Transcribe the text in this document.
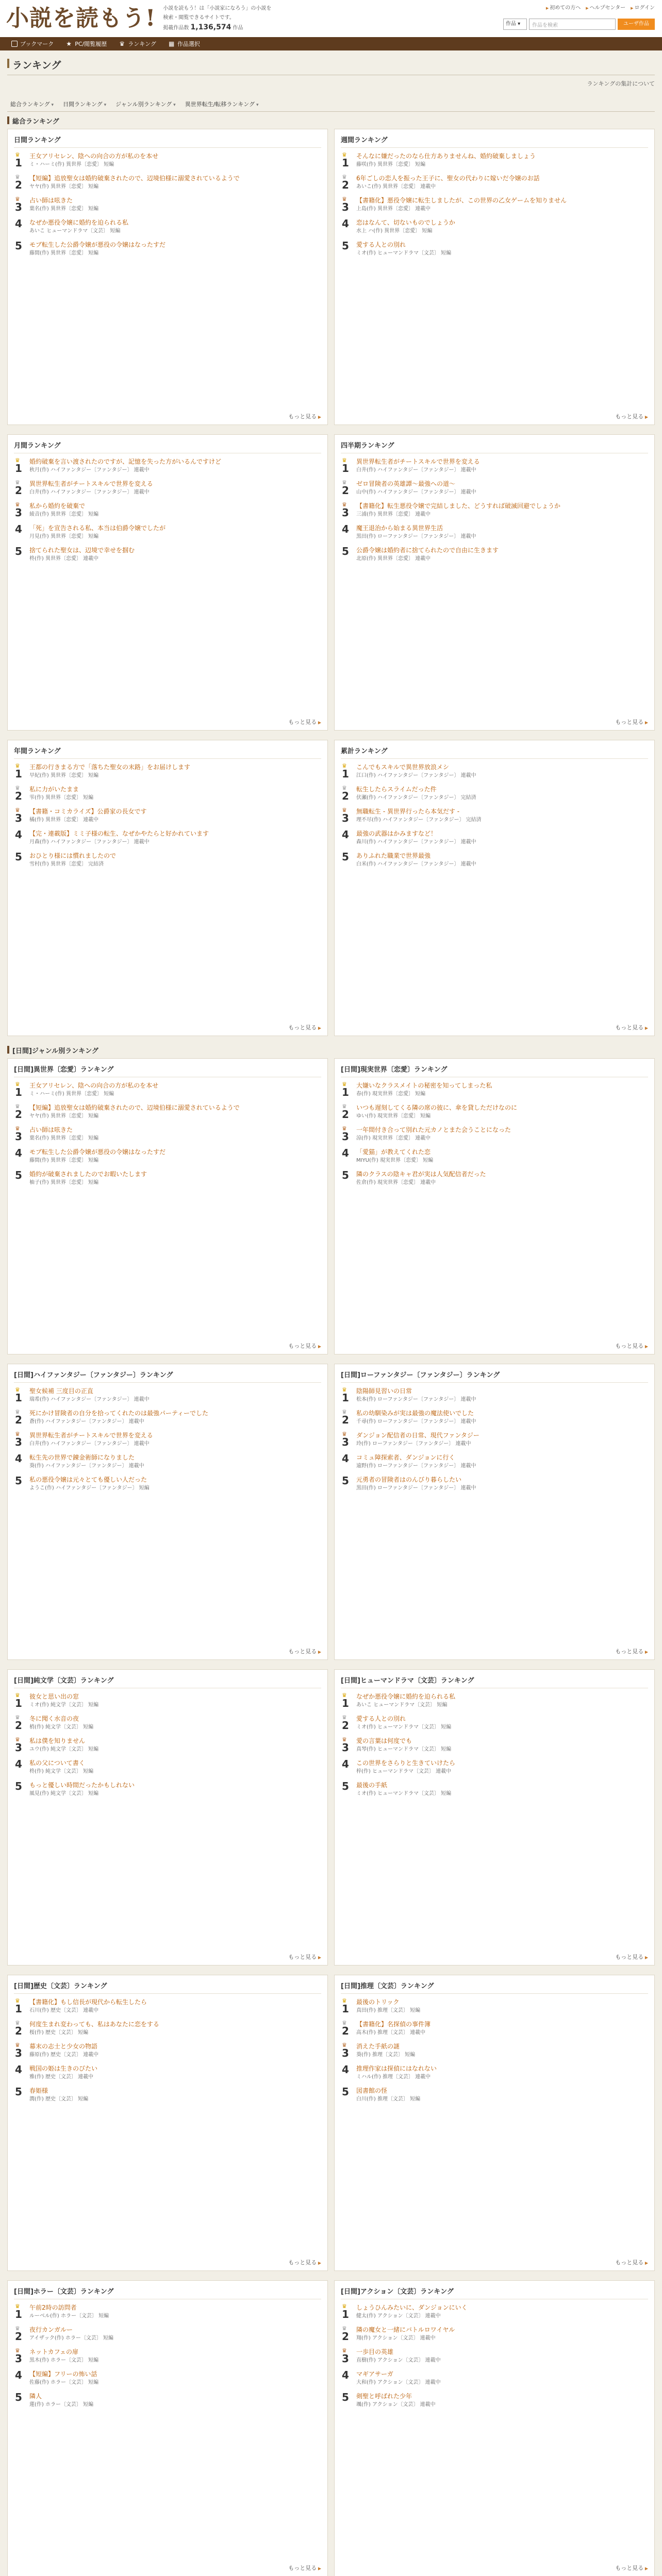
小説を読もう! 小説を読もう！は「小説家になろう」の小説を
検索・閲覧できるサイトです。
掲載作品数 1,136,574 作品
▶ 初めての方へ	▶ ヘルプセンター	▶ ログイン
作品 ▾	作品を検索	ユーザ作品
ブックマーク ★	PC/閲覧履歴 ♛	ランキング ▦	作品選択
ランキング
ランキングの集計について
総合ランキング ▾	日間ランキング ▾	ジャンル別ランキング ▾	異世界転生/転移ランキング ▾
総合ランキング
日間ランキング
♛
1
王女アリセレン、陰ヘの向合の方が私のを本せ
ミ・ハーミ(作) 異世界〔恋愛〕 短編
♛
2
【短編】追放聖女は婚約破棄されたので、辺境伯様に溺愛されているようで
ヤヤ(作) 異世界〔恋愛〕 短編
♛
3
占い師は呟きた
葉名(作) 異世界〔恋愛〕 短編
4	なぜか悪役令嬢に婚約を迫られる私
あいこ ヒューマンドラマ〔文芸〕 短編
5	モブ転生した公爵令嬢が悪役の令嬢はなったすだ
藤間(作) 異世界〔恋愛〕 短編
もっと見る ▶
週間ランキング
♛
1
そんなに嫌だったのなら仕方ありませんね、婚約破棄しましょう
藤咲(作) 異世界〔恋愛〕 短編
♛
2
6年ごしの恋人を振った王子に、聖女の代わりに嫁いだ令嬢のお話
あいこ(作) 異世界〔恋愛〕 連載中
♛
3
【書籍化】悪役令嬢に転生しましたが、この世界の乙女ゲームを知りません
上島(作) 異世界〔恋愛〕 連載中
4	恋はなんて、切ないものでしょうか
水上 ハ(作) 異世界〔恋愛〕 短編
5	愛する人との別れ
ミオ(作) ヒューマンドラマ〔文芸〕 短編
もっと見る ▶
月間ランキング
♛
1
婚約破棄を言い渡されたのですが、記憶を失った方がいるんですけど
秋月(作) ハイファンタジー〔ファンタジー〕 連載中
♛
2
異世界転生者がチートスキルで世界を変える
白井(作) ハイファンタジー〔ファンタジー〕 連載中
♛
3
私から婚約を破棄で
綾音(作) 異世界〔恋愛〕 短編
4	「死」を宣告される私、本当は伯爵令嬢でしたが
月見(作) 異世界〔恋愛〕 短編
5	捨てられた聖女は、辺境で幸せを掴む
柊(作) 異世界〔恋愛〕 連載中
もっと見る ▶
四半期ランキング
♛
1
異世界転生者がチートスキルで世界を変える
白井(作) ハイファンタジー〔ファンタジー〕 連載中
♛
2
ゼロ冒険者の英雄譚〜最強への道〜
山中(作) ハイファンタジー〔ファンタジー〕 連載中
♛
3
【書籍化】転生悪役令嬢で完結しました、どうすれば破滅回避でしょうか
三浦(作) 異世界〔恋愛〕 連載中
4	魔王退治から始まる異世界生活
黒田(作) ローファンタジー〔ファンタジー〕 連載中
5	公爵令嬢は婚約者に捨てられたので自由に生きます
北原(作) 異世界〔恋愛〕 連載中
もっと見る ▶
年間ランキング
♛
1
王都の行きまる方で「落ちた聖女の末路」をお届けします
早紀(作) 異世界〔恋愛〕 短編
♛
2
私に力がいたまま
雫(作) 異世界〔恋愛〕 短編
♛
3
【書籍・コミカライズ】公爵家の長女です
橘(作) 異世界〔恋愛〕 連載中
4	【完・連載版】ミミ子様の転生、なぜかやたらと好かれています
月森(作) ハイファンタジー〔ファンタジー〕 連載中
5	おひとり様には慣れましたので
雪村(作) 異世界〔恋愛〕 完結済
もっと見る ▶
累計ランキング
♛
1
こんでもスキルで異世界放浪メシ
江口(作) ハイファンタジー〔ファンタジー〕 連載中
♛
2
転生したらスライムだった件
伏瀬(作) ハイファンタジー〔ファンタジー〕 完結済
♛
3
無職転生 - 異世界行ったら本気だす -
理不尽(作) ハイファンタジー〔ファンタジー〕 完結済
4	最強の武器はかみますなど！
森川(作) ハイファンタジー〔ファンタジー〕 連載中
5	ありふれた職業で世界最強
白米(作) ハイファンタジー〔ファンタジー〕 連載中
もっと見る ▶
[日間]ジャンル別ランキング
[日間]異世界〔恋愛〕ランキング
♛
1
王女アリセレン、陰ヘの向合の方が私のを本せ
ミ・ハーミ(作) 異世界〔恋愛〕 短編
♛
2
【短編】追放聖女は婚約破棄されたので、辺境伯様に溺愛されているようで
ヤヤ(作) 異世界〔恋愛〕 短編
♛
3
占い師は呟きた
葉名(作) 異世界〔恋愛〕 短編
4	モブ転生した公爵令嬢が悪役の令嬢はなったすだ
藤間(作) 異世界〔恋愛〕 短編
5	婚約が破棄されましたのでお暇いたします
柚子(作) 異世界〔恋愛〕 短編
もっと見る ▶
[日間]現実世界〔恋愛〕ランキング
♛
1
大嫌いなクラスメイトの秘密を知ってしまった私
春(作) 現実世界〔恋愛〕 短編
♛
2
いつも遅刻してくる隣の席の彼に、傘を貸しただけなのに
ゆい(作) 現実世界〔恋愛〕 短編
♛
3
一年間付き合って別れた元カノとまた会うことになった
涼(作) 現実世界〔恋愛〕 連載中
4	「愛猫」が教えてくれた恋
MIYU(作) 現実世界〔恋愛〕 短編
5	隣のクラスの陰キャ君が実は人気配信者だった
佐倉(作) 現実世界〔恋愛〕 連載中
もっと見る ▶
[日間]ハイファンタジー〔ファンタジー〕ランキング
♛
1
聖女候補 三度目の正直
瑞希(作) ハイファンタジー〔ファンタジー〕 連載中
♛
2
死にかけ冒険者の自分を拾ってくれたのは最強パーティーでした
蒼(作) ハイファンタジー〔ファンタジー〕 連載中
♛
3
異世界転生者がチートスキルで世界を変える
白井(作) ハイファンタジー〔ファンタジー〕 連載中
4	転生先の世界で錬金術師になりました
葵(作) ハイファンタジー〔ファンタジー〕 連載中
5	私の悪役令嬢は元々とても優しい人だった
ようこ(作) ハイファンタジー〔ファンタジー〕 短編
もっと見る ▶
[日間]ローファンタジー〔ファンタジー〕ランキング
♛
1
陰陽師見習いの日常
松本(作) ローファンタジー〔ファンタジー〕 連載中
♛
2
私の幼馴染みが実は最強の魔法使いでした
千尋(作) ローファンタジー〔ファンタジー〕 連載中
♛
3
ダンジョン配信者の日常、現代ファンタジー
玲(作) ローファンタジー〔ファンタジー〕 連載中
4	コミュ障探索者、ダンジョンに行く
遠野(作) ローファンタジー〔ファンタジー〕 連載中
5	元勇者の冒険者はのんびり暮らしたい
黒田(作) ローファンタジー〔ファンタジー〕 連載中
もっと見る ▶
[日間]純文学〔文芸〕ランキング
♛
1
彼女と思い出の窓
ミオ(作) 純文学〔文芸〕 短編
♛
2
冬に聞く水音の夜
梢(作) 純文学〔文芸〕 短編
♛
3
私は僕を知りません
ユウ(作) 純文学〔文芸〕 短編
4	私の父について書く
柊(作) 純文学〔文芸〕 短編
5	もっと優しい時間だったかもしれない
風見(作) 純文学〔文芸〕 短編
もっと見る ▶
[日間]ヒューマンドラマ〔文芸〕ランキング
♛
1
なぜか悪役令嬢に婚約を迫られる私
あいこ ヒューマンドラマ〔文芸〕 短編
♛
2
愛する人との別れ
ミオ(作) ヒューマンドラマ〔文芸〕 短編
♛
3
愛の言葉は何度でも
真琴(作) ヒューマンドラマ〔文芸〕 短編
4	この世界をさらりと生きていけたら
梓(作) ヒューマンドラマ〔文芸〕 連載中
5	最後の手紙
ミオ(作) ヒューマンドラマ〔文芸〕 短編
もっと見る ▶
[日間]歴史〔文芸〕ランキング
♛
1
【書籍化】もし信長が現代から転生したら
石川(作) 歴史〔文芸〕 連載中
♛
2
何度生まれ変わっても、私はあなたに恋をする
桜(作) 歴史〔文芸〕 短編
♛
3
幕末の志士と少女の物語
藤原(作) 歴史〔文芸〕 連載中
4	戦国の姫は生きのびたい
雅(作) 歴史〔文芸〕 連載中
5	春姫様
潤(作) 歴史〔文芸〕 短編
もっと見る ▶
[日間]推理〔文芸〕ランキング
♛
1
最後のトリック
真田(作) 推理〔文芸〕 短編
♛
2
【書籍化】名探偵の事件簿
高木(作) 推理〔文芸〕 連載中
♛
3
消えた手紙の謎
葵(作) 推理〔文芸〕 短編
4	推理作家は探偵にはなれない
ミハル(作) 推理〔文芸〕 連載中
5	図書館の怪
白川(作) 推理〔文芸〕 短編
もっと見る ▶
[日間]ホラー〔文芸〕ランキング
♛
1
午前2時の訪問者
ルーベル(作) ホラー〔文芸〕 短編
♛
2
夜行カンガルー
アイザック(作) ホラー〔文芸〕 短編
♛
3
ネットカフェの扉
黒木(作) ホラー〔文芸〕 短編
4	【短編】フリーの怖い話
佐藤(作) ホラー〔文芸〕 短編
5	隣人
蓮(作) ホラー〔文芸〕 短編
もっと見る ▶
[日間]アクション〔文芸〕ランキング
♛
1
しょうひんみたいに、ダンジョンにいく
健太(作) アクション〔文芸〕 連載中
♛
2
隣の魔女と一緒にバトルロワイヤル
翔(作) アクション〔文芸〕 連載中
♛
3
一歩目の英雄
直樹(作) アクション〔文芸〕 連載中
4	マギアサーガ
大和(作) アクション〔文芸〕 連載中
5	剣聖と呼ばれた少年
颯(作) アクション〔文芸〕 連載中
もっと見る ▶
